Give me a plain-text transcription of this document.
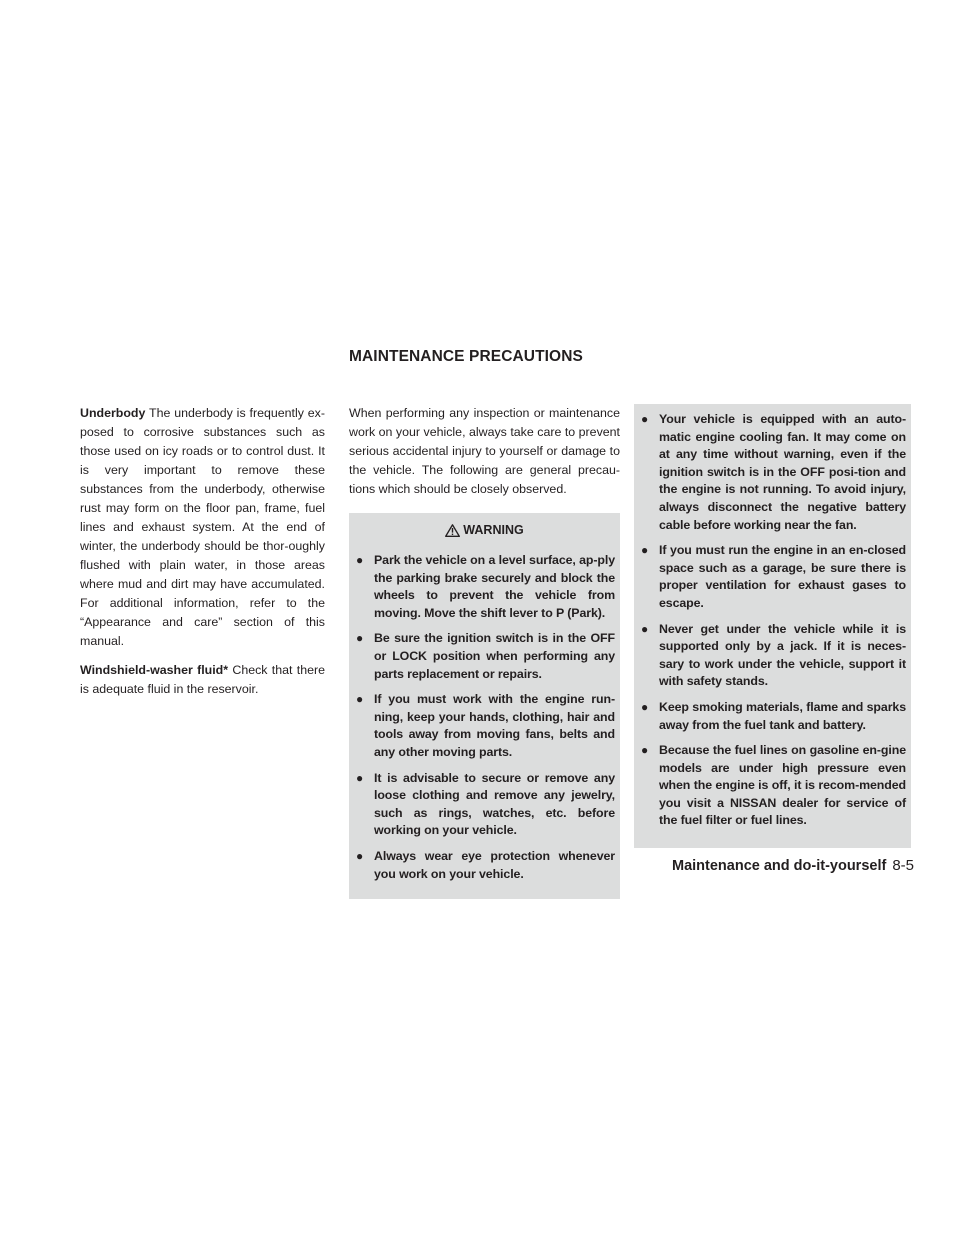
MAINTENANCE PRECAUTIONS

Underbody The underbody is frequently ex-posed to corrosive substances such as those used on icy roads or to control dust. It is very important to remove these substances from the underbody, otherwise rust may form on the floor pan, frame, fuel lines and exhaust system. At the end of winter, the underbody should be thor-oughly flushed with plain water, in those areas where mud and dirt may have accumulated. For additional information, refer to the “Appearance and care” section of this manual.

Windshield-washer fluid* Check that there is adequate fluid in the reservoir.

When performing any inspection or maintenance work on your vehicle, always take care to prevent serious accidental injury to yourself or damage to the vehicle. The following are general precau-tions which should be closely observed.

WARNING
● Park the vehicle on a level surface, ap-ply the parking brake securely and block the wheels to prevent the vehicle from moving. Move the shift lever to P (Park).
● Be sure the ignition switch is in the OFF or LOCK position when performing any parts replacement or repairs.
● If you must work with the engine run-ning, keep your hands, clothing, hair and tools away from moving fans, belts and any other moving parts.
● It is advisable to secure or remove any loose clothing and remove any jewelry, such as rings, watches, etc. before working on your vehicle.
● Always wear eye protection whenever you work on your vehicle.
● Your vehicle is equipped with an auto-matic engine cooling fan. It may come on at any time without warning, even if the ignition switch is in the OFF posi-tion and the engine is not running. To avoid injury, always disconnect the negative battery cable before working near the fan.
● If you must run the engine in an en-closed space such as a garage, be sure there is proper ventilation for exhaust gases to escape.
● Never get under the vehicle while it is supported only by a jack. If it is neces-sary to work under the vehicle, support it with safety stands.
● Keep smoking materials, flame and sparks away from the fuel tank and battery.
● Because the fuel lines on gasoline en-gine models are under high pressure even when the engine is off, it is recom-mended you visit a NISSAN dealer for service of the fuel filter or fuel lines.
Maintenance and do-it-yourself 8-5
